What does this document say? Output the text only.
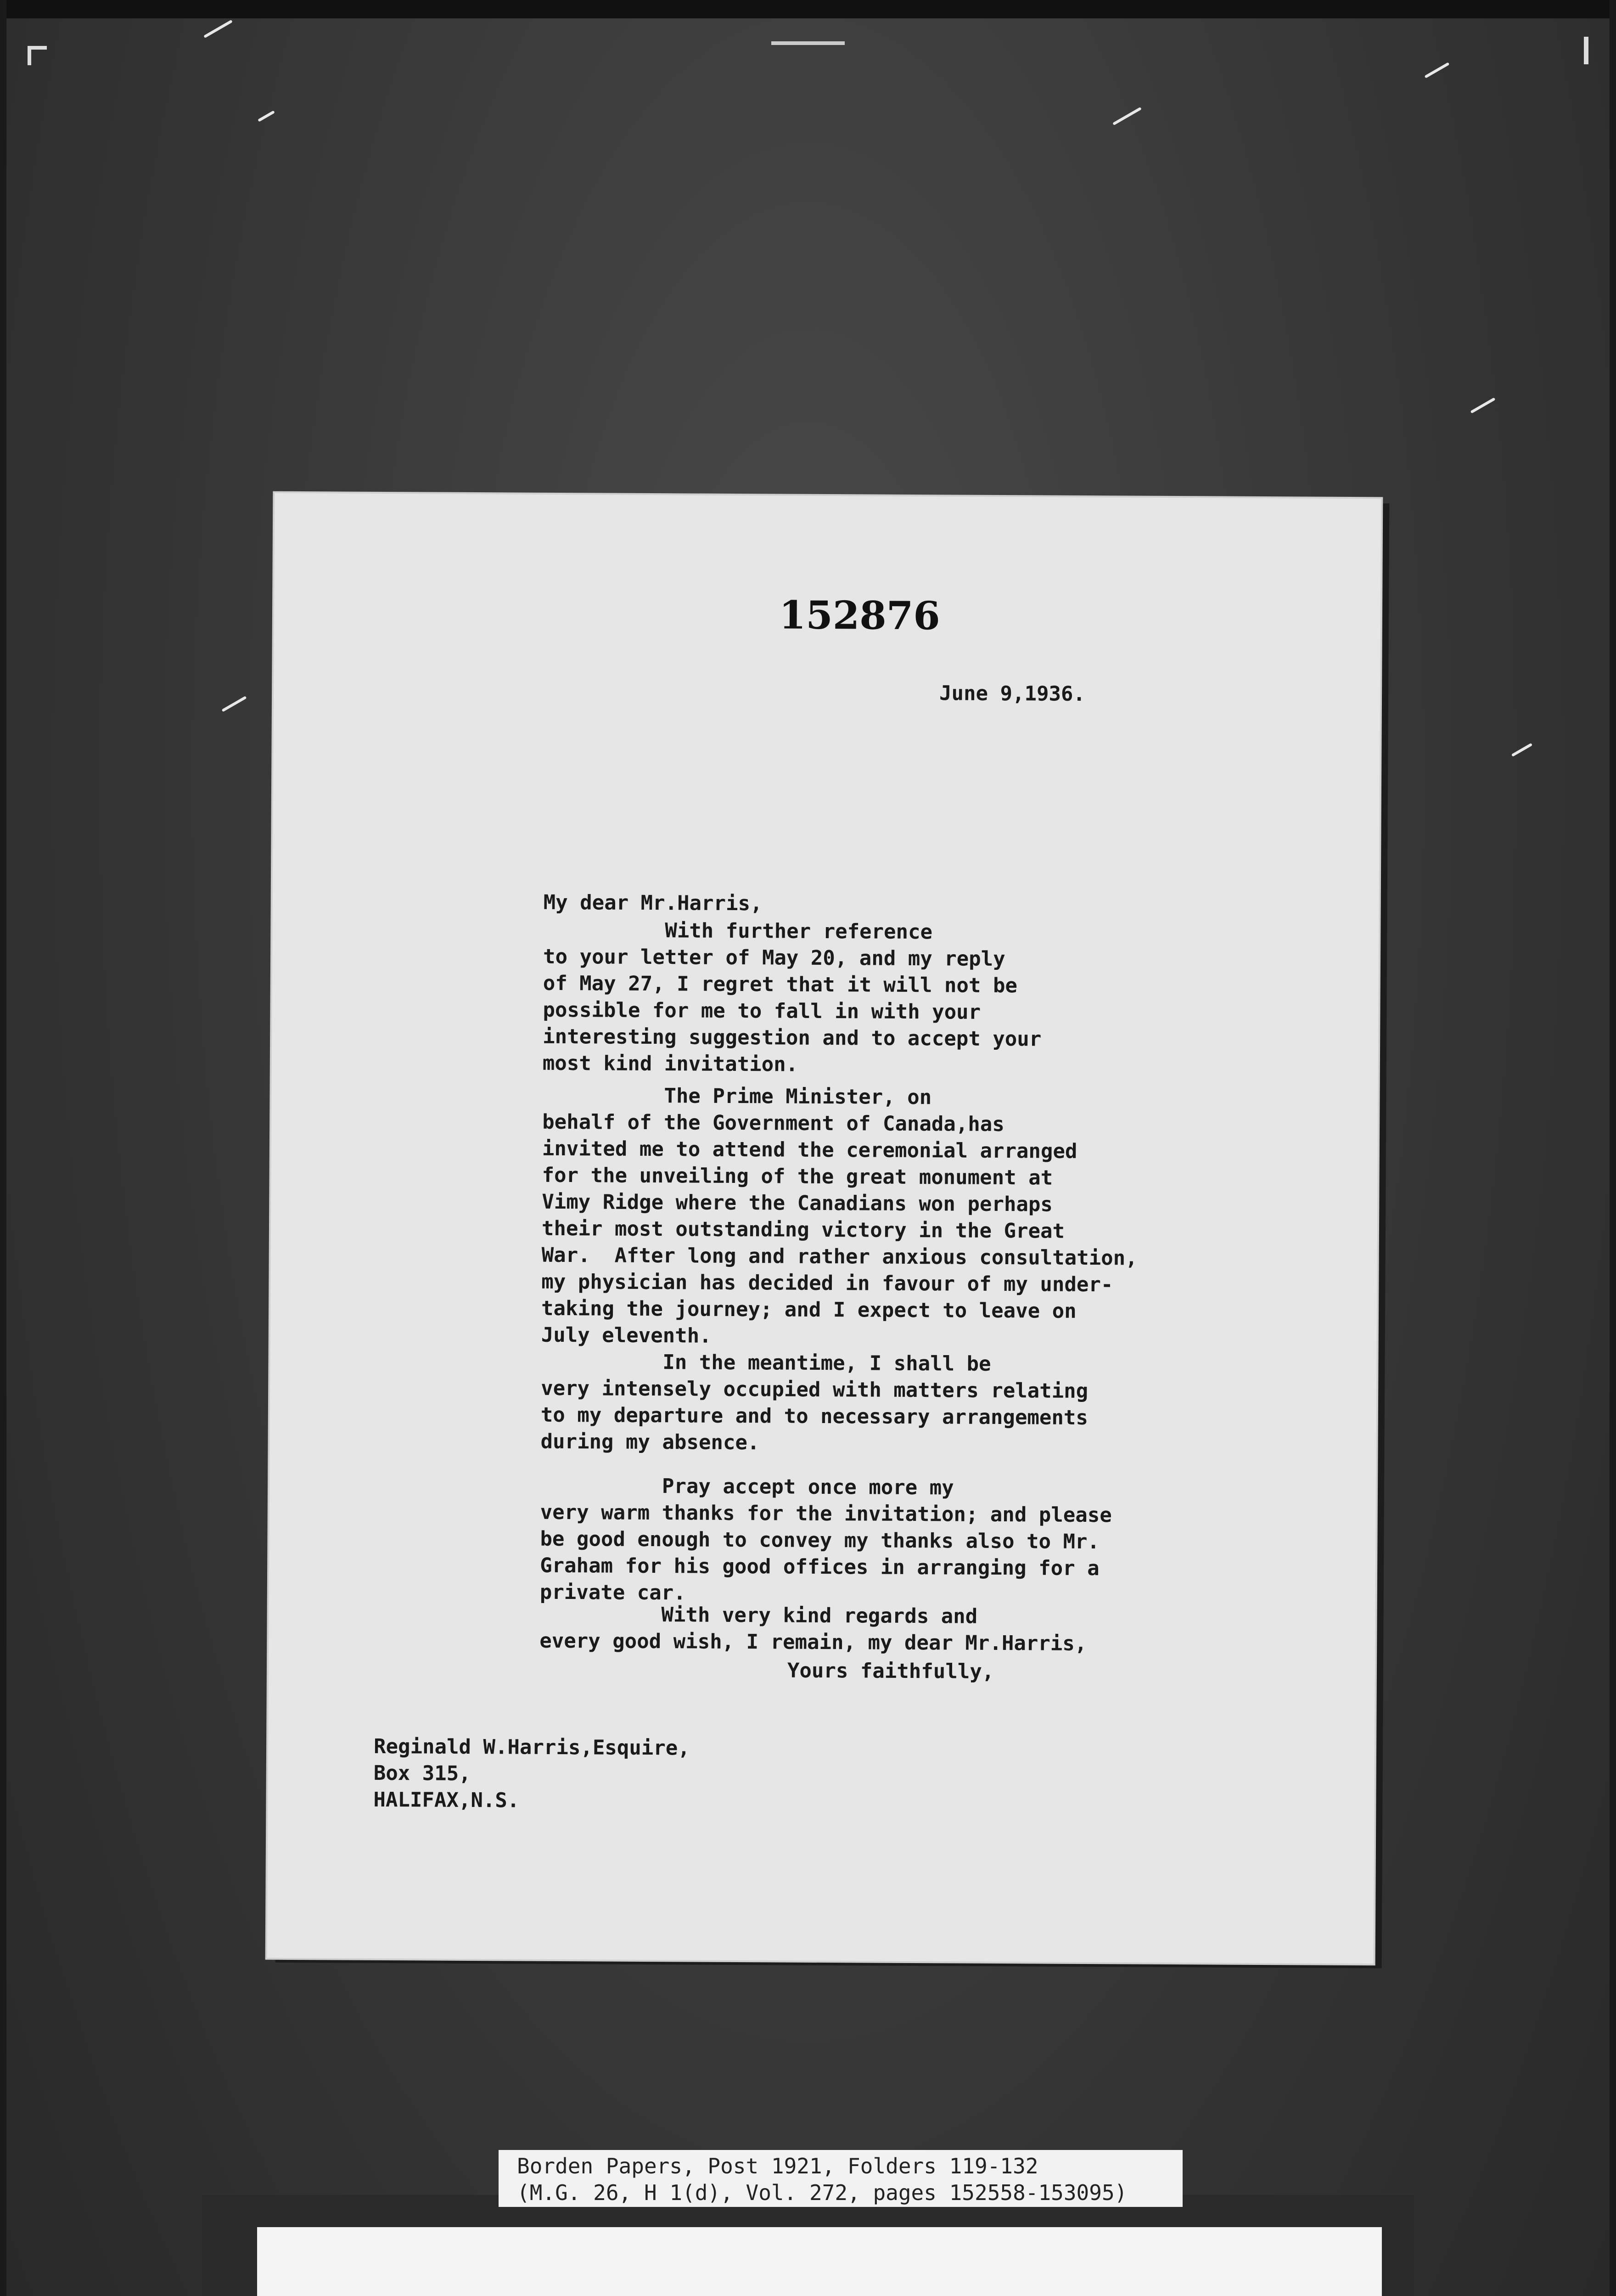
152876
June 9,1936.
My dear Mr.Harris,
With further reference
to your letter of May 20, and my reply
of May 27, I regret that it will not be
possible for me to fall in with your
interesting suggestion and to accept your
most kind invitation.
The Prime Minister, on
behalf of the Government of Canada,has
invited me to attend the ceremonial arranged
for the unveiling of the great monument at
Vimy Ridge where the Canadians won perhaps
their most outstanding victory in the Great
War.  After long and rather anxious consultation,
my physician has decided in favour of my under-
taking the journey; and I expect to leave on
July eleventh.
In the meantime, I shall be
very intensely occupied with matters relating
to my departure and to necessary arrangements
during my absence.
Pray accept once more my
very warm thanks for the invitation; and please
be good enough to convey my thanks also to Mr.
Graham for his good offices in arranging for a
private car.
With very kind regards and
every good wish, I remain, my dear Mr.Harris,
Yours faithfully,
Reginald W.Harris,Esquire,
Box 315,
HALIFAX,N.S.
Borden Papers, Post 1921, Folders 119-132
(M.G. 26, H 1(d), Vol. 272, pages 152558-153095)
